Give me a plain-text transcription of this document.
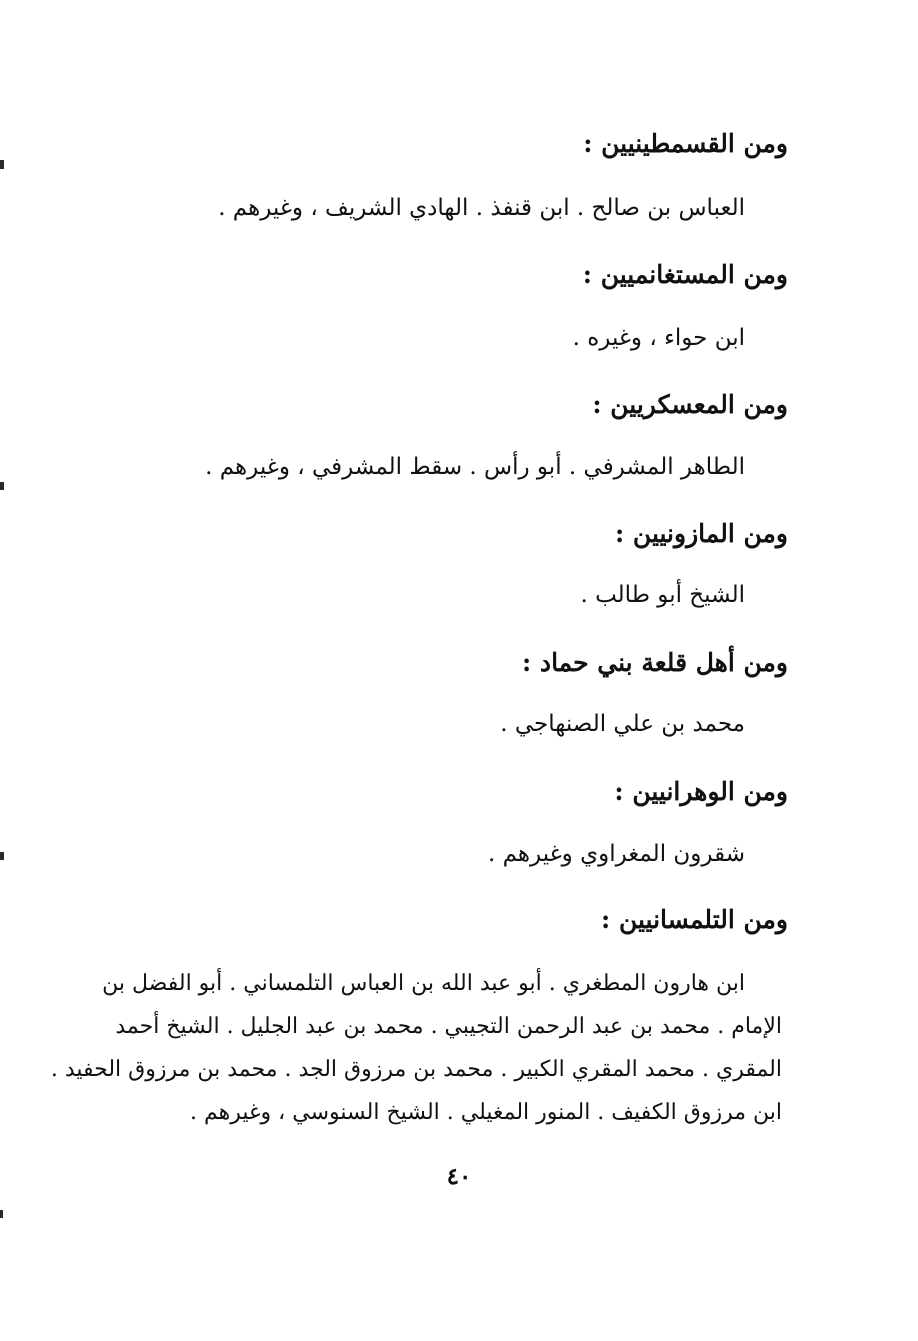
ومن القسمطينيين :
العباس بن صالح . ابن قنفذ . الهادي الشريف ، وغيرهم .
ومن المستغانميين :
ابن حواء ، وغيره .
ومن المعسكريين :
الطاهر المشرفي . أبو رأس . سقط المشرفي ، وغيرهم .
ومن المازونيين :
الشيخ أبو طالب .
ومن أهل قلعة بني حماد :
محمد بن علي الصنهاجي .
ومن الوهرانيين :
شقرون المغراوي وغيرهم .
ومن التلمسانيين :
ابن هارون المطغري . أبو عبد الله بن العباس التلمساني . أبو الفضل بن
الإمام . محمد بن عبد الرحمن التجيبي . محمد بن عبد الجليل . الشيخ أحمد
المقري . محمد المقري الكبير . محمد بن مرزوق الجد . محمد بن مرزوق الحفيد .
ابن مرزوق الكفيف . المنور المغيلي . الشيخ السنوسي ، وغيرهم .
٤٠
